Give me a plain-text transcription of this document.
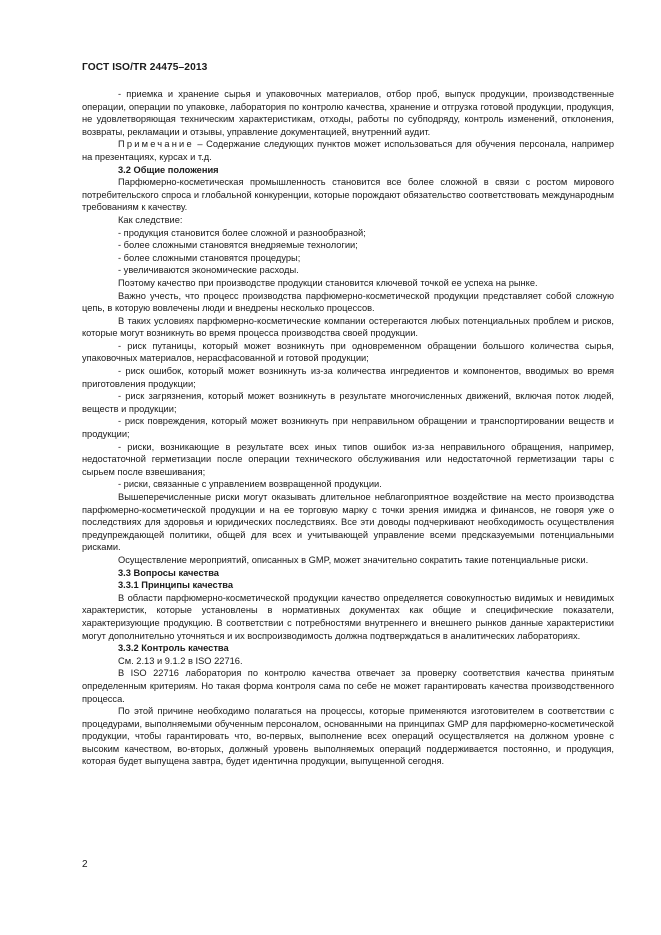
ГОСТ ISO/TR 24475–2013

- приемка и хранение сырья и упаковочных материалов, отбор проб, выпуск продукции, производственные операции, операции по упаковке, лаборатория по контролю качества, хранение и отгрузка готовой продукции, продукция, не удовлетворяющая техническим характеристикам, отходы, работы по субподряду, контроль изменений, отклонения, возвраты, рекламации и отзывы, управление документацией, внутренний аудит.

Примечание – Содержание следующих пунктов может использоваться для обучения персонала, например на презентациях, курсах и т.д.

3.2 Общие положения

Парфюмерно-косметическая промышленность становится все более сложной в связи с ростом мирового потребительского спроса и глобальной конкуренции, которые порождают обязательство соответствовать международным требованиям к качеству.

Как следствие:

- продукция становится более сложной и разнообразной;

- более сложными становятся внедряемые технологии;

- более сложными становятся процедуры;

- увеличиваются экономические расходы.

Поэтому качество при производстве продукции становится ключевой точкой ее успеха на рынке.

Важно учесть, что процесс производства парфюмерно-косметической продукции представляет собой сложную цепь, в которую вовлечены люди и внедрены несколько процессов.

В таких условиях парфюмерно-косметические компании остерегаются любых потенциальных проблем и рисков, которые могут возникнуть во время процесса производства своей продукции.

- риск путаницы, который может возникнуть при одновременном обращении большого количества сырья, упаковочных материалов, нерасфасованной и готовой продукции;

- риск ошибок, который может возникнуть из-за количества ингредиентов и компонентов, вводимых во время приготовления продукции;

- риск загрязнения, который может возникнуть в результате многочисленных движений, включая поток людей, веществ и продукции;

- риск повреждения, который может возникнуть при неправильном обращении и транспортировании веществ и продукции;

- риски, возникающие в результате всех иных типов ошибок из-за неправильного обращения, например, недостаточной герметизации после операции технического обслуживания или недостаточной герметизации тары с сырьем после взвешивания;

- риски, связанные с управлением возвращенной продукции.

Вышеперечисленные риски могут оказывать длительное неблагоприятное воздействие на место производства парфюмерно-косметической продукции и на ее торговую марку с точки зрения имиджа и финансов, не говоря уже о последствиях для здоровья и юридических последствиях. Все эти доводы подчеркивают необходимость осуществления предупреждающей политики, общей для всех и учитывающей управление всеми предсказуемыми потенциальными рисками.

Осуществление мероприятий, описанных в GMP, может значительно сократить такие потенциальные риски.

3.3 Вопросы качества

3.3.1 Принципы качества

В области парфюмерно-косметической продукции качество определяется совокупностью видимых и невидимых характеристик, которые установлены в нормативных документах как общие и специфические показатели, характеризующие продукцию. В соответствии с потребностями внутреннего и внешнего рынков данные характеристики могут дополнительно уточняться и их воспроизводимость должна подтверждаться в аналитических лабораториях.

3.3.2 Контроль качества

См. 2.13 и 9.1.2 в ISO 22716.

В ISO 22716 лаборатория по контролю качества отвечает за проверку соответствия качества принятым определенным критериям. Но такая форма контроля сама по себе не может гарантировать качества производственного процесса.

По этой причине необходимо полагаться на процессы, которые применяются изготовителем в соответствии с процедурами, выполняемыми обученным персоналом, основанными на принципах GMP для парфюмерно-косметической продукции, чтобы гарантировать что, во-первых, выполнение всех операций осуществляется на должном уровне с высоким качеством, во-вторых, должный уровень выполняемых операций поддерживается постоянно, и продукция, которая будет выпущена завтра, будет идентична продукции, выпущенной сегодня.

2
